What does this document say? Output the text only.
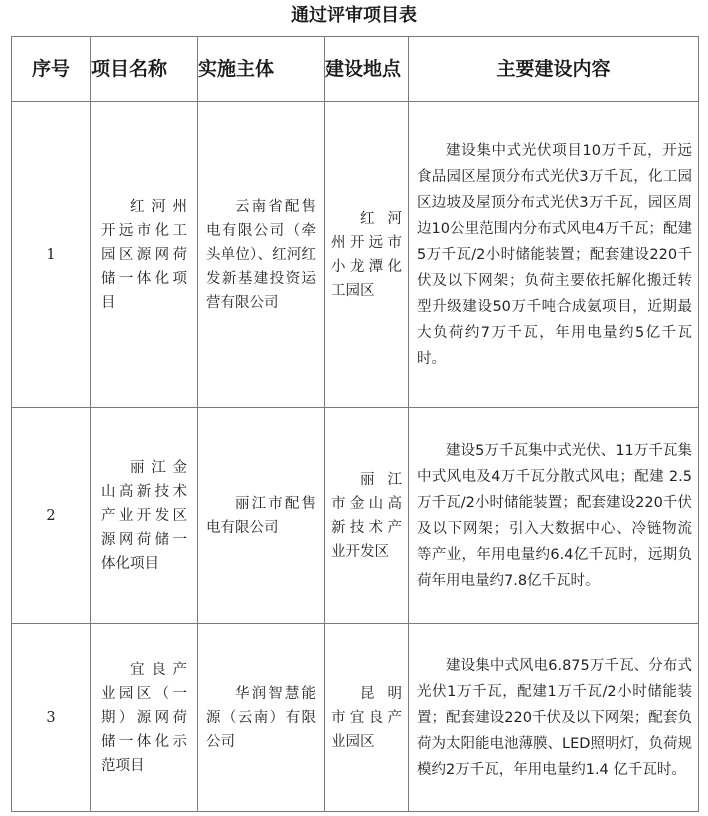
通过评审项目表
序号	项目名称	实施主体	建设地点	主要建设内容
1	红河州开远市化工园区源网荷储一体化项目	云南省配售电有限公司（牵头单位）、红河红发新基建投资运营有限公司	红河州开远市小龙潭化工园区	建设集中式光伏项目10万千瓦，开远食品园区屋顶分布式光伏3万千瓦，化工园区边坡及屋顶分布式光伏3万千瓦，园区周边10公里范围内分布式风电4万千瓦；配建 5万千瓦/2小时储能装置；配套建设220千伏及以下网架；负荷主要依托解化搬迁转型升级建设50万千吨合成氨项目，近期最大负荷约7万千瓦，年用电量约5亿千瓦时。
2	丽江金山高新技术产业开发区源网荷储一体化项目	丽江市配售电有限公司	丽江市金山高新技术产业开发区	建设5万千瓦集中式光伏、11万千瓦集中式风电及4万千瓦分散式风电；配建 2.5万千瓦/2小时储能装置；配套建设220千伏及以下网架；引入大数据中心、冷链物流等产业，年用电量约6.4亿千瓦时，远期负荷年用电量约7.8亿千瓦时。
3	宜良产业园区（一期）源网荷储一体化示范项目	华润智慧能源（云南）有限公司	昆明市宜良产业园区	建设集中式风电6.875万千瓦、分布式光伏1万千瓦，配建1万千瓦/2小时储能装置；配套建设220千伏及以下网架；配套负荷为太阳能电池薄膜、LED照明灯，负荷规模约2万千瓦，年用电量约1.4 亿千瓦时。
